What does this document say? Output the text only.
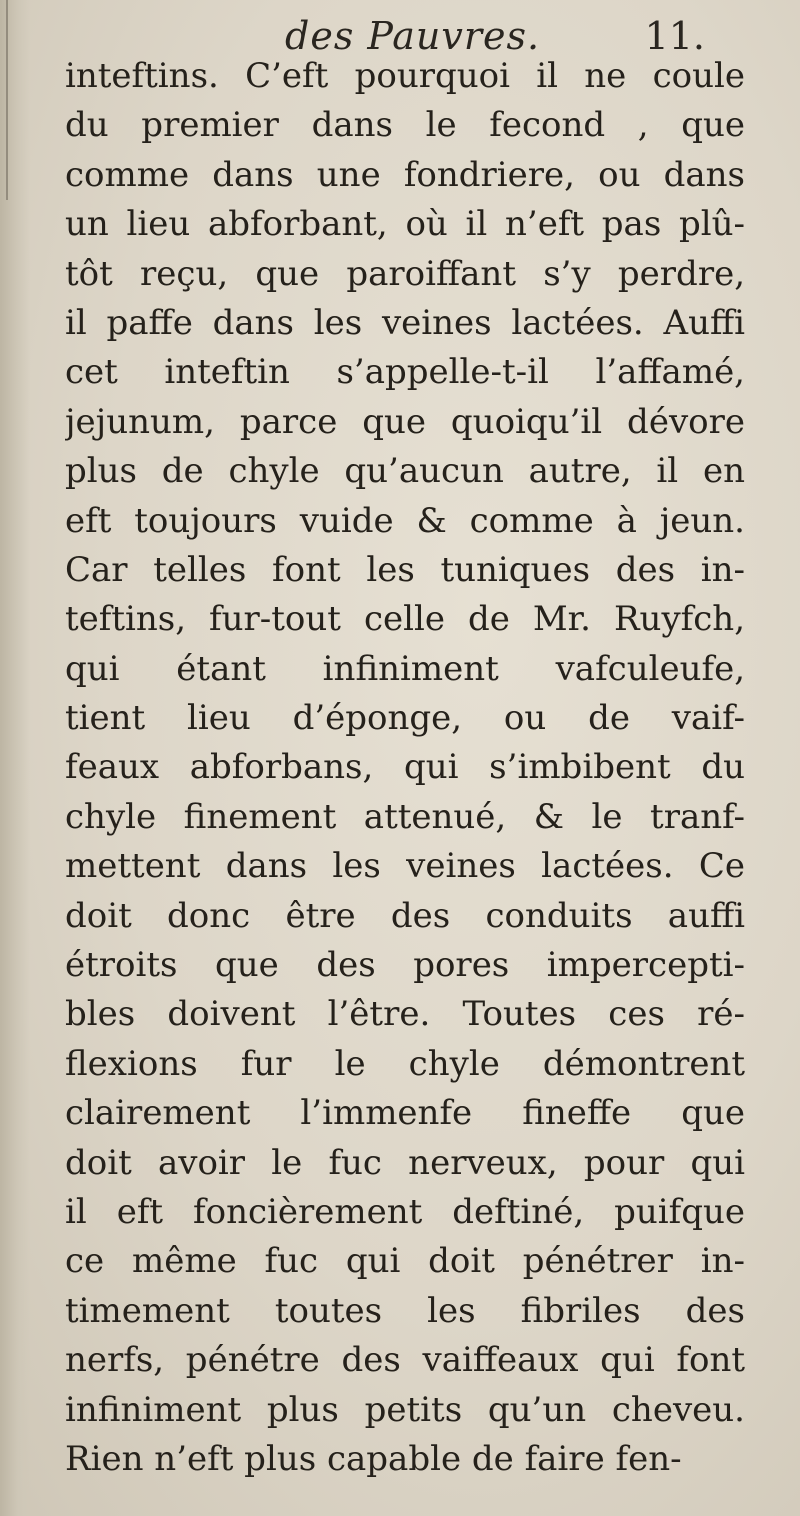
des Pauvres.	11.
inteftins. C’eft pourquoi il ne coule
du premier dans le fecond , que
comme dans une fondriere, ou dans
un lieu abforbant, où il n’eft pas plû-
tôt reçu, que paroiffant s’y perdre,
il paffe dans les veines lactées. Auffi
cet inteftin s’appelle-t-il l’affamé,
jejunum, parce que quoiqu’il dévore
plus de chyle qu’aucun autre, il en
eft toujours vuide & comme à jeun.
Car telles font les tuniques des in-
teftins, fur-tout celle de Mr. Ruyfch,
qui étant infiniment vafculeufe,
tient lieu d’éponge, ou de vaif-
feaux abforbans, qui s’imbibent du
chyle finement attenué, & le tranf-
mettent dans les veines lactées. Ce
doit donc être des conduits auffi
étroits que des pores impercepti-
bles doivent l’être. Toutes ces ré-
flexions fur le chyle démontrent
clairement l’immenfe fineffe que
doit avoir le fuc nerveux, pour qui
il eft foncièrement deftiné, puifque
ce même fuc qui doit pénétrer in-
timement toutes les fibriles des
nerfs, pénétre des vaiffeaux qui font
infiniment plus petits qu’un cheveu.
Rien n’eft plus capable de faire fen-
